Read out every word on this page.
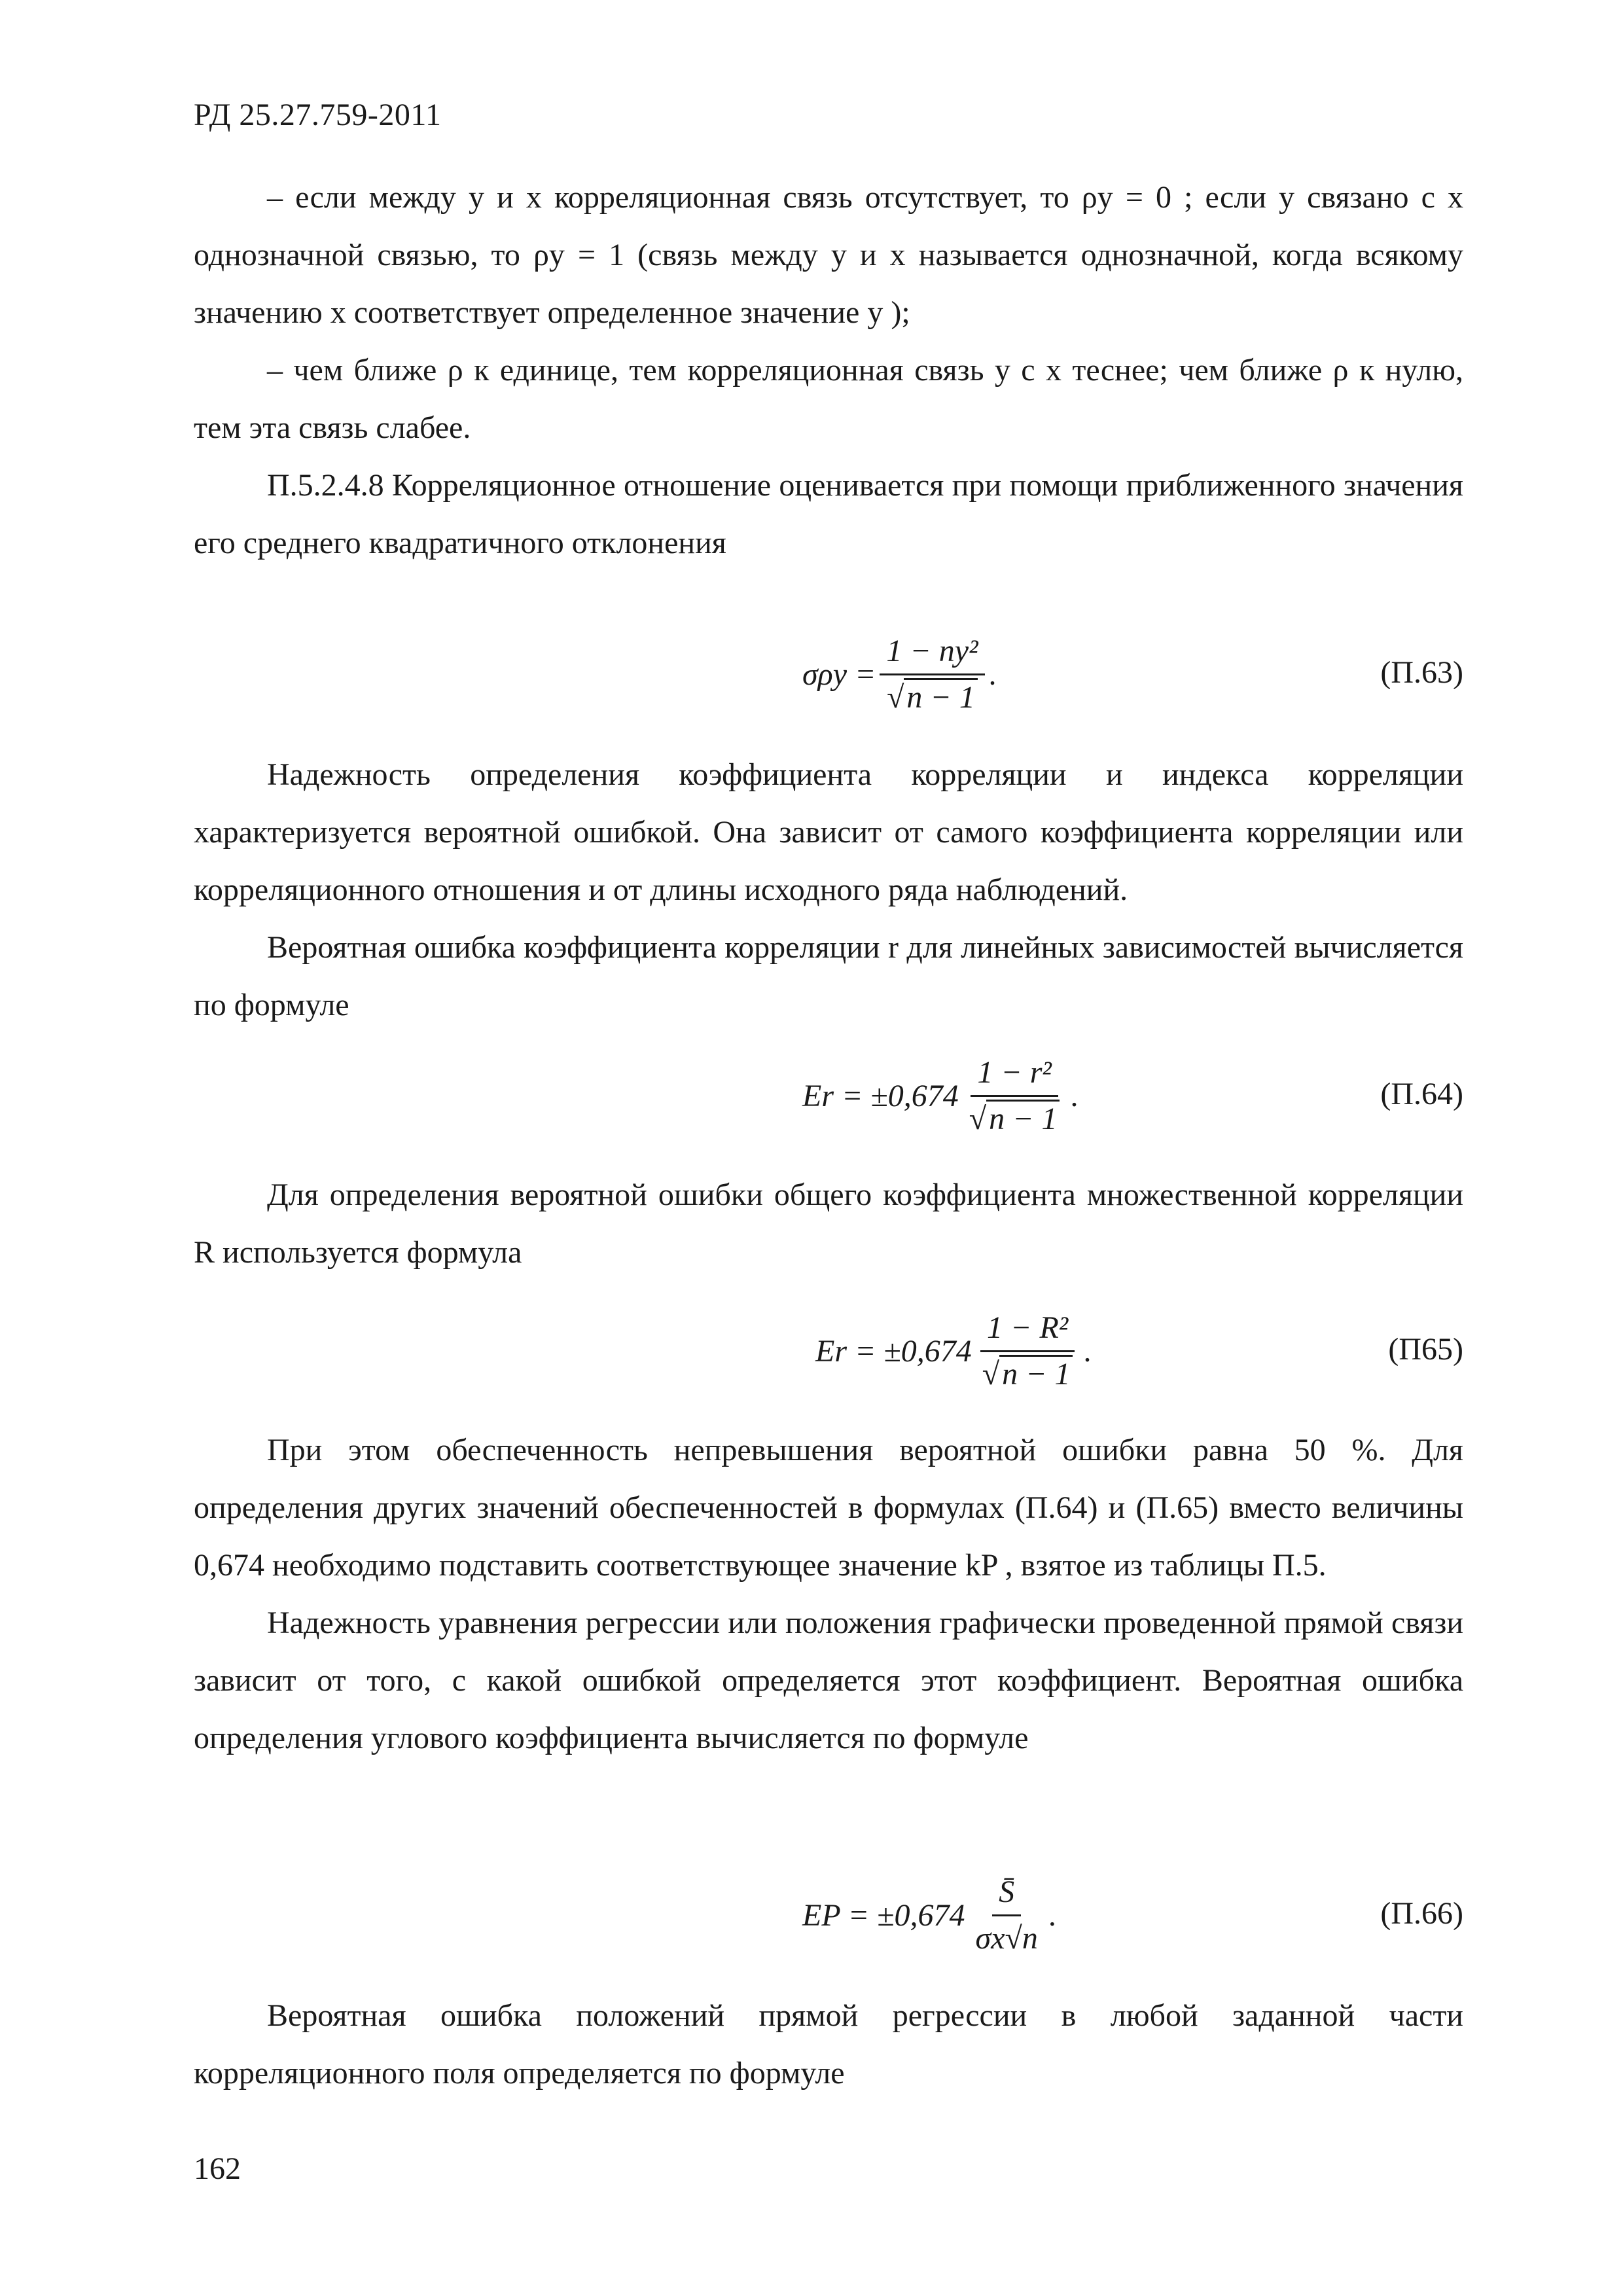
РД 25.27.759-2011

– если между y и x корреляционная связь отсутствует, то ρy = 0 ; если y связано с x однозначной связью, то ρy = 1 (связь между y и x называется однозначной, когда всякому значению x соответствует определенное значение y );

– чем ближе ρ к единице, тем корреляционная связь y с x теснее; чем ближе ρ к нулю, тем эта связь слабее.

П.5.2.4.8 Корреляционное отношение оценивается при помощи приближенного значения его среднего квадратичного отклонения

$\sigma\rho y = \frac{\text{1 − ny²}}{√n - 1}$ .	(П.63)

Надежность определения коэффициента корреляции и индекса корреляции характеризуется вероятной ошибкой. Она зависит от самого коэффициента корреляции или корреляционного отношения и от длины исходного ряда наблюдений.

Вероятная ошибка коэффициента корреляции r для линейных зависимостей вычисляется по формуле

$Er = \pm 0,674 \frac{\text{1 − r²}}{√n - 1}$ .	(П.64)

Для определения вероятной ошибки общего коэффициента множественной корреляции R используется формула

$Er = \pm 0,674 \frac{\text{1 − R²}}{√n - 1}$ .	(П65)

При этом обеспеченность непревышения вероятной ошибки равна 50 %. Для определения других значений обеспеченностей в формулах (П.64) и (П.65) вместо величины 0,674 необходимо подставить соответствующее значение kP , взятое из таблицы П.5.

Надежность уравнения регрессии или положения графически проведенной прямой связи зависит от того, с какой ошибкой определяется этот коэффициент. Вероятная ошибка определения углового коэффициента вычисляется по формуле

EP = $\pm 0,674 \frac{S̄}{\sigma x√n}$ .	(П.66)

Вероятная ошибка положений прямой регрессии в любой заданной части корреляционного поля определяется по формуле

162
